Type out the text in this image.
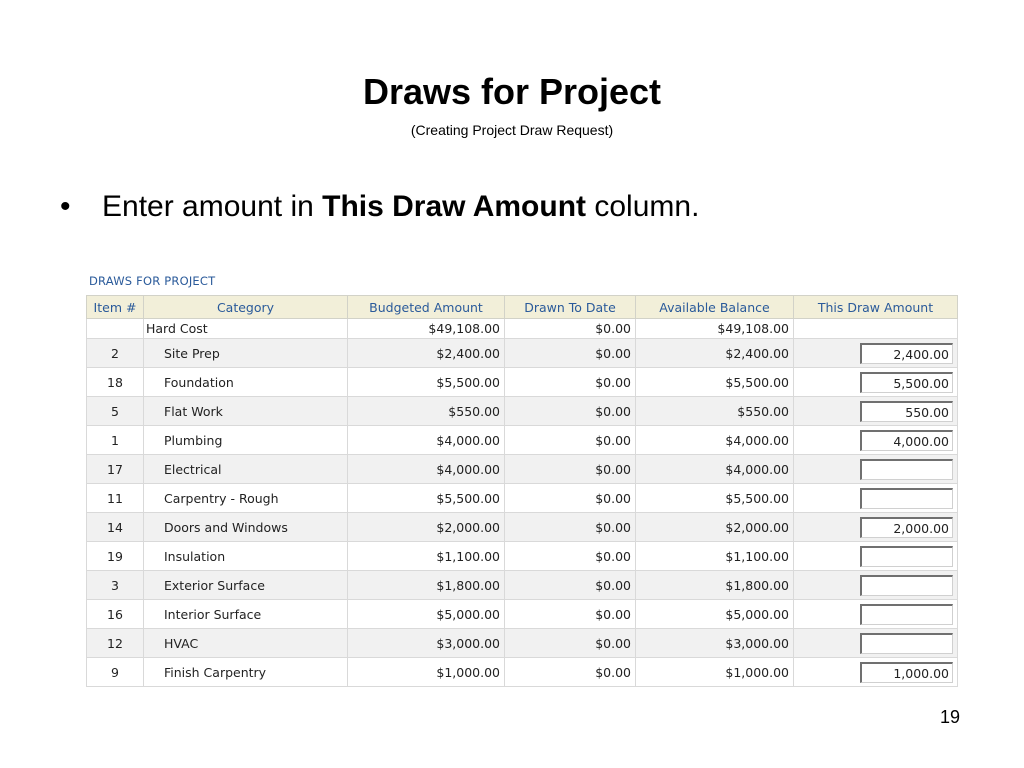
Draws for Project
(Creating Project Draw Request)
• Enter amount in This Draw Amount column.
DRAWS FOR PROJECT
Item #	Category	Budgeted Amount	Drawn To Date	Available Balance	This Draw Amount
	Hard Cost	$49,108.00	$0.00	$49,108.00	
2	Site Prep	$2,400.00	$0.00	$2,400.00	2,400.00
18	Foundation	$5,500.00	$0.00	$5,500.00	5,500.00
5	Flat Work	$550.00	$0.00	$550.00	550.00
1	Plumbing	$4,000.00	$0.00	$4,000.00	4,000.00
17	Electrical	$4,000.00	$0.00	$4,000.00	
11	Carpentry - Rough	$5,500.00	$0.00	$5,500.00	
14	Doors and Windows	$2,000.00	$0.00	$2,000.00	2,000.00
19	Insulation	$1,100.00	$0.00	$1,100.00	
3	Exterior Surface	$1,800.00	$0.00	$1,800.00	
16	Interior Surface	$5,000.00	$0.00	$5,000.00	
12	HVAC	$3,000.00	$0.00	$3,000.00	
9	Finish Carpentry	$1,000.00	$0.00	$1,000.00	1,000.00
19
